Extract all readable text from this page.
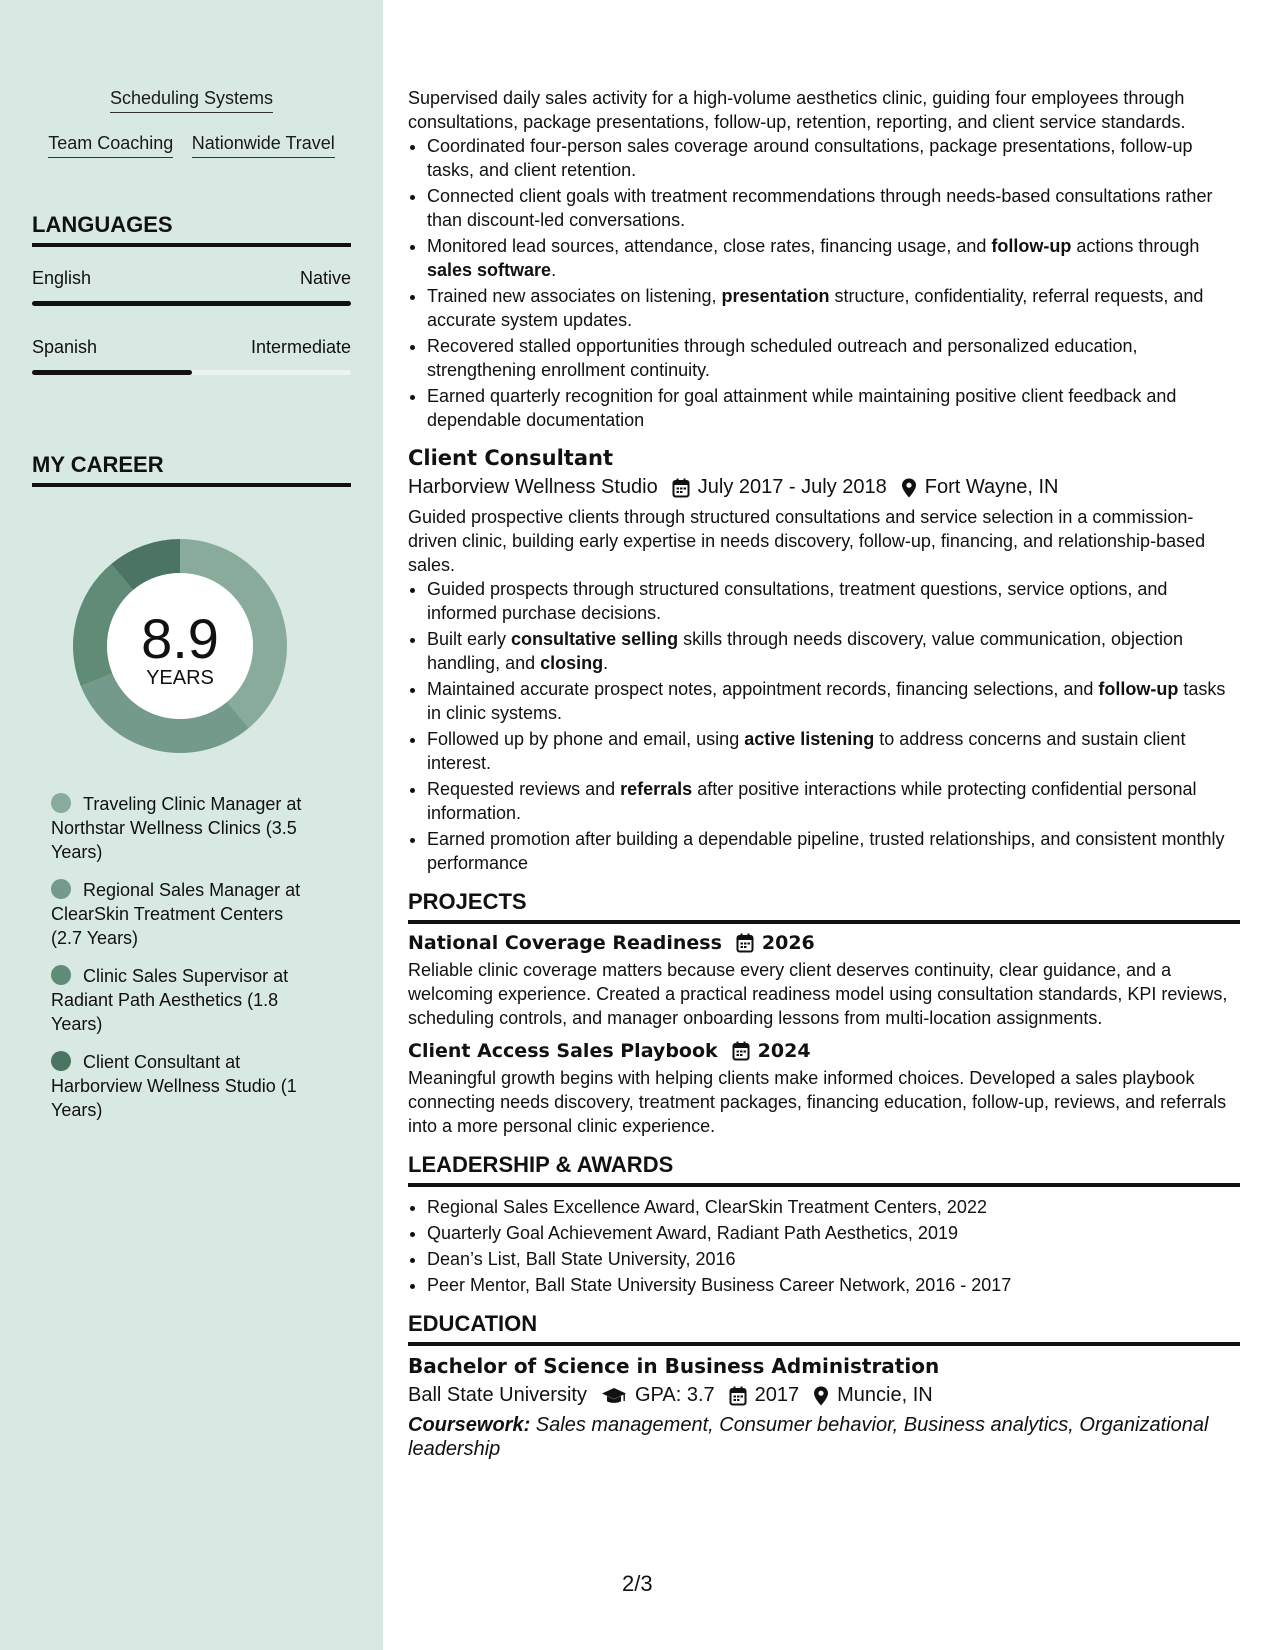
Scheduling Systems
Team Coaching Nationwide Travel
LANGUAGES
English	Native
Spanish	Intermediate
MY CAREER
8.9
YEARS
Traveling Clinic Manager at Northstar Wellness Clinics (3.5 Years)
Regional Sales Manager at ClearSkin Treatment Centers (2.7 Years)
Clinic Sales Supervisor at Radiant Path Aesthetics (1.8 Years)
Client Consultant at Harborview Wellness Studio (1 Years)

Supervised daily sales activity for a high-volume aesthetics clinic, guiding four employees through consultations, package presentations, follow-up, retention, reporting, and client service standards.

• Coordinated four-person sales coverage around consultations, package presentations, follow-up tasks, and client retention.
• Connected client goals with treatment recommendations through needs-based consultations rather than discount-led conversations.
• Monitored lead sources, attendance, close rates, financing usage, and follow-up actions through sales software.
• Trained new associates on listening, presentation structure, confidentiality, referral requests, and accurate system updates.
• Recovered stalled opportunities through scheduled outreach and personalized education, strengthening enrollment continuity.
• Earned quarterly recognition for goal attainment while maintaining positive client feedback and dependable documentation
Client Consultant
Harborview Wellness Studio July 2017 - July 2018 Fort Wayne, IN

Guided prospective clients through structured consultations and service selection in a commission-driven clinic, building early expertise in needs discovery, follow-up, financing, and relationship-based sales.

• Guided prospects through structured consultations, treatment questions, service options, and informed purchase decisions.
• Built early consultative selling skills through needs discovery, value communication, objection handling, and closing.
• Maintained accurate prospect notes, appointment records, financing selections, and follow-up tasks in clinic systems.
• Followed up by phone and email, using active listening to address concerns and sustain client interest.
• Requested reviews and referrals after positive interactions while protecting confidential personal information.
• Earned promotion after building a dependable pipeline, trusted relationships, and consistent monthly performance
PROJECTS
National Coverage Readiness 2026

Reliable clinic coverage matters because every client deserves continuity, clear guidance, and a welcoming experience. Created a practical readiness model using consultation standards, KPI reviews, scheduling controls, and manager onboarding lessons from multi-location assignments.

Client Access Sales Playbook 2024

Meaningful growth begins with helping clients make informed choices. Developed a sales playbook connecting needs discovery, treatment packages, financing education, follow-up, reviews, and referrals into a more personal clinic experience.

LEADERSHIP & AWARDS
• Regional Sales Excellence Award, ClearSkin Treatment Centers, 2022
• Quarterly Goal Achievement Award, Radiant Path Aesthetics, 2019
• Dean’s List, Ball State University, 2016
• Peer Mentor, Ball State University Business Career Network, 2016 - 2017
EDUCATION
Bachelor of Science in Business Administration
Ball State University GPA: 3.7 2017 Muncie, IN
Coursework: Sales management, Consumer behavior, Business analytics, Organizational leadership
2/3
